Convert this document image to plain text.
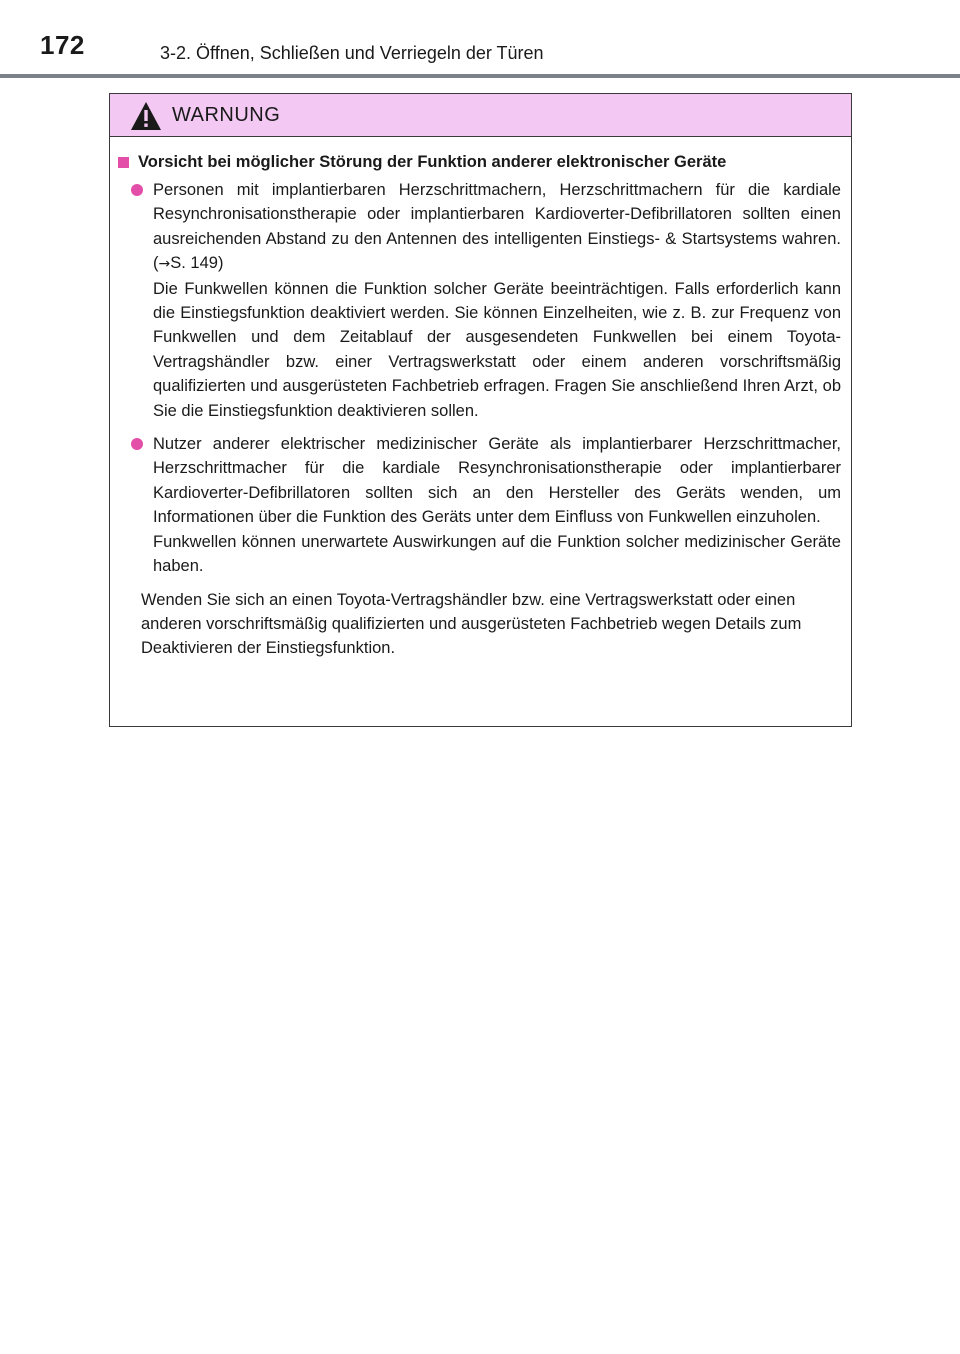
172	3-2. Öffnen, Schließen und Verriegeln der Türen
WARNUNG
Vorsicht bei möglicher Störung der Funktion anderer elektronischer Geräte

Personen mit implantierbaren Herzschrittmachern, Herzschrittmachern für die kardiale Resynchronisationstherapie oder implantierbaren Kardioverter-Defibrillatoren sollten einen ausreichenden Abstand zu den Antennen des intelligenten Einstiegs- & Startsystems wahren. (→S. 149)

Die Funkwellen können die Funktion solcher Geräte beeinträchtigen. Falls erforderlich kann die Einstiegsfunktion deaktiviert werden. Sie können Einzelheiten, wie z. B. zur Frequenz von Funkwellen und dem Zeitablauf der ausgesendeten Funkwellen bei einem Toyota-Vertragshändler bzw. einer Vertragswerkstatt oder einem anderen vorschriftsmäßig qualifizierten und ausgerüsteten Fachbetrieb erfragen. Fragen Sie anschließend Ihren Arzt, ob Sie die Einstiegsfunktion deaktivieren sollen.

Nutzer anderer elektrischer medizinischer Geräte als implantierbarer Herzschrittmacher, Herzschrittmacher für die kardiale Resynchronisationstherapie oder implantierbarer Kardioverter-Defibrillatoren sollten sich an den Hersteller des Geräts wenden, um Informationen über die Funktion des Geräts unter dem Einfluss von Funkwellen einzuholen.

Funkwellen können unerwartete Auswirkungen auf die Funktion solcher medizinischer Geräte haben.

Wenden Sie sich an einen Toyota-Vertragshändler bzw. eine Vertragswerkstatt oder einen anderen vorschriftsmäßig qualifizierten und ausgerüsteten Fachbetrieb wegen Details zum Deaktivieren der Einstiegsfunktion.
